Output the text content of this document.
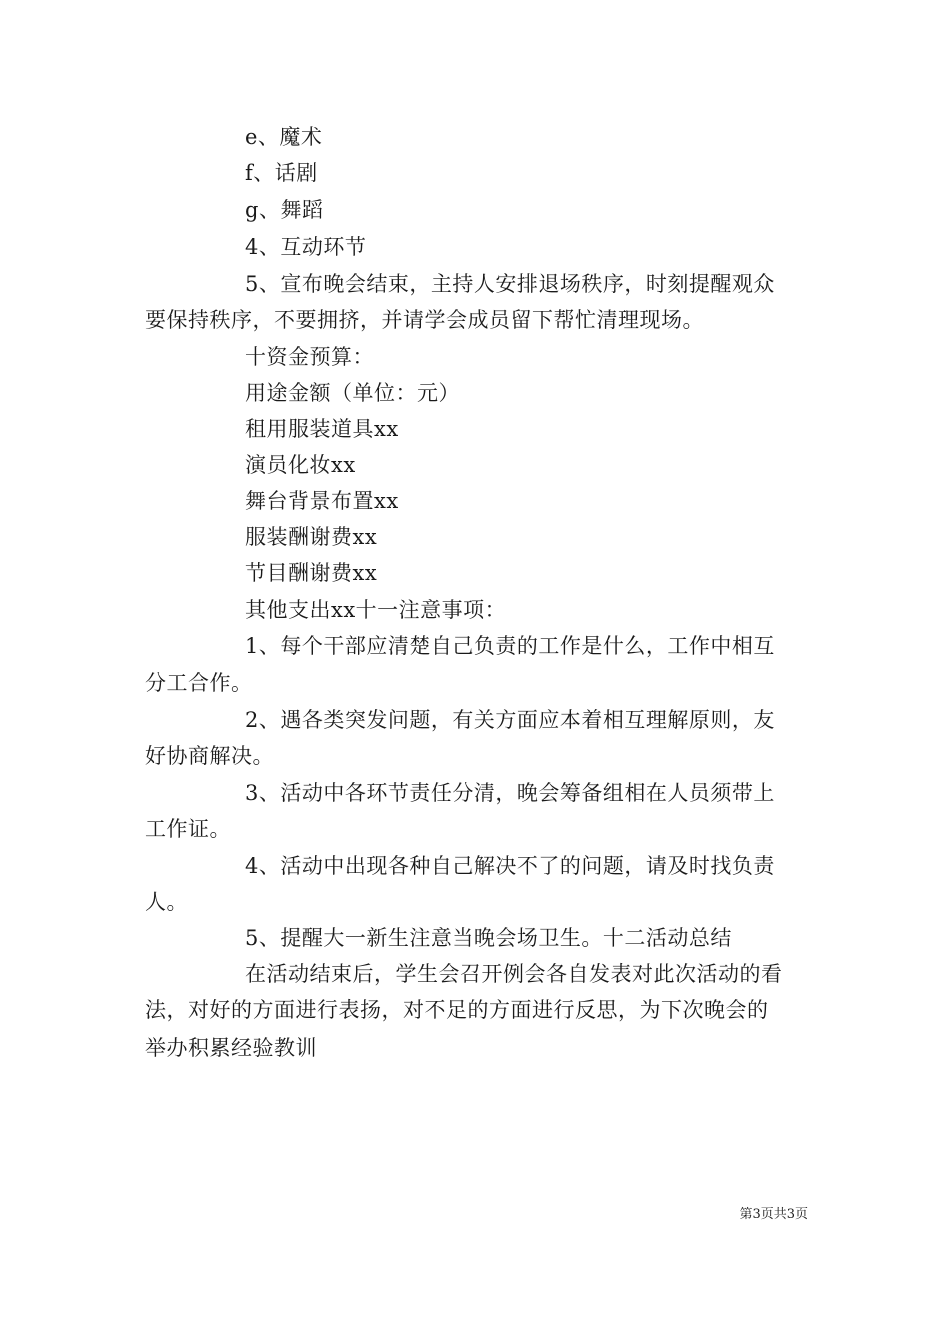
e、魔术
f、话剧
g、舞蹈
4、互动环节
5、宣布晚会结束，主持人安排退场秩序，时刻提醒观众
要保持秩序，不要拥挤，并请学会成员留下帮忙清理现场。
十资金预算：
用途金额（单位：元）
租用服装道具xx
演员化妆xx
舞台背景布置xx
服装酬谢费xx
节目酬谢费xx
其他支出xx十一注意事项：
1、每个干部应清楚自己负责的工作是什么，工作中相互
分工合作。
2、遇各类突发问题，有关方面应本着相互理解原则，友
好协商解决。
3、活动中各环节责任分清，晚会筹备组相在人员须带上
工作证。
4、活动中出现各种自己解决不了的问题，请及时找负责
人。
5、提醒大一新生注意当晚会场卫生。十二活动总结
在活动结束后，学生会召开例会各自发表对此次活动的看
法，对好的方面进行表扬，对不足的方面进行反思，为下次晚会的
举办积累经验教训
第3页共3页
